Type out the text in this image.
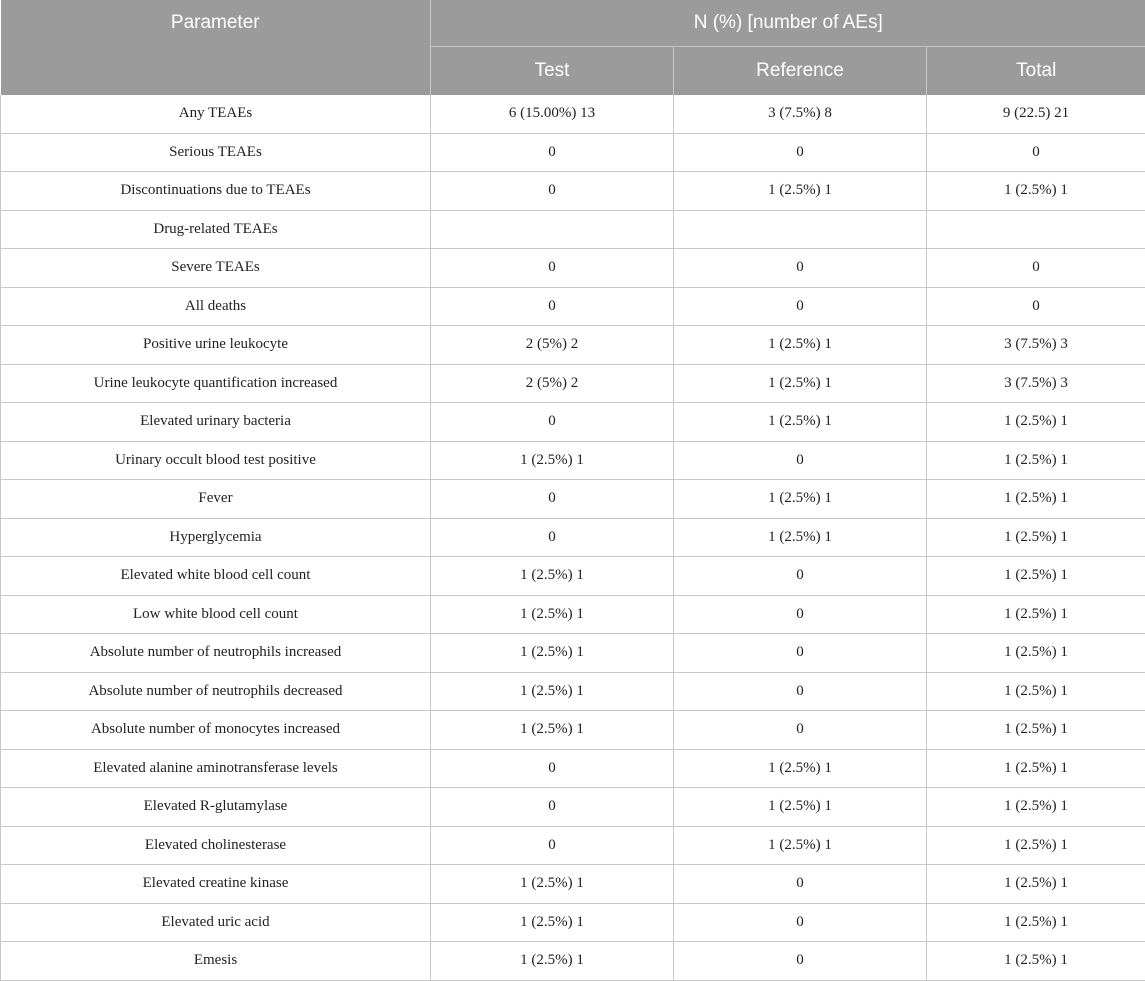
Parameter	N (%) [number of AEs]		
	Test	Reference	Total
Any TEAEs	6 (15.00%) 13	3 (7.5%) 8	9 (22.5) 21
Serious TEAEs	0	0	0
Discontinuations due to TEAEs	0	1 (2.5%) 1	1 (2.5%) 1
Drug-related TEAEs			
Severe TEAEs	0	0	0
All deaths	0	0	0
Positive urine leukocyte	2 (5%) 2	1 (2.5%) 1	3 (7.5%) 3
Urine leukocyte quantification increased	2 (5%) 2	1 (2.5%) 1	3 (7.5%) 3
Elevated urinary bacteria	0	1 (2.5%) 1	1 (2.5%) 1
Urinary occult blood test positive	1 (2.5%) 1	0	1 (2.5%) 1
Fever	0	1 (2.5%) 1	1 (2.5%) 1
Hyperglycemia	0	1 (2.5%) 1	1 (2.5%) 1
Elevated white blood cell count	1 (2.5%) 1	0	1 (2.5%) 1
Low white blood cell count	1 (2.5%) 1	0	1 (2.5%) 1
Absolute number of neutrophils increased	1 (2.5%) 1	0	1 (2.5%) 1
Absolute number of neutrophils decreased	1 (2.5%) 1	0	1 (2.5%) 1
Absolute number of monocytes increased	1 (2.5%) 1	0	1 (2.5%) 1
Elevated alanine aminotransferase levels	0	1 (2.5%) 1	1 (2.5%) 1
Elevated R-glutamylase	0	1 (2.5%) 1	1 (2.5%) 1
Elevated cholinesterase	0	1 (2.5%) 1	1 (2.5%) 1
Elevated creatine kinase	1 (2.5%) 1	0	1 (2.5%) 1
Elevated uric acid	1 (2.5%) 1	0	1 (2.5%) 1
Emesis	1 (2.5%) 1	0	1 (2.5%) 1
